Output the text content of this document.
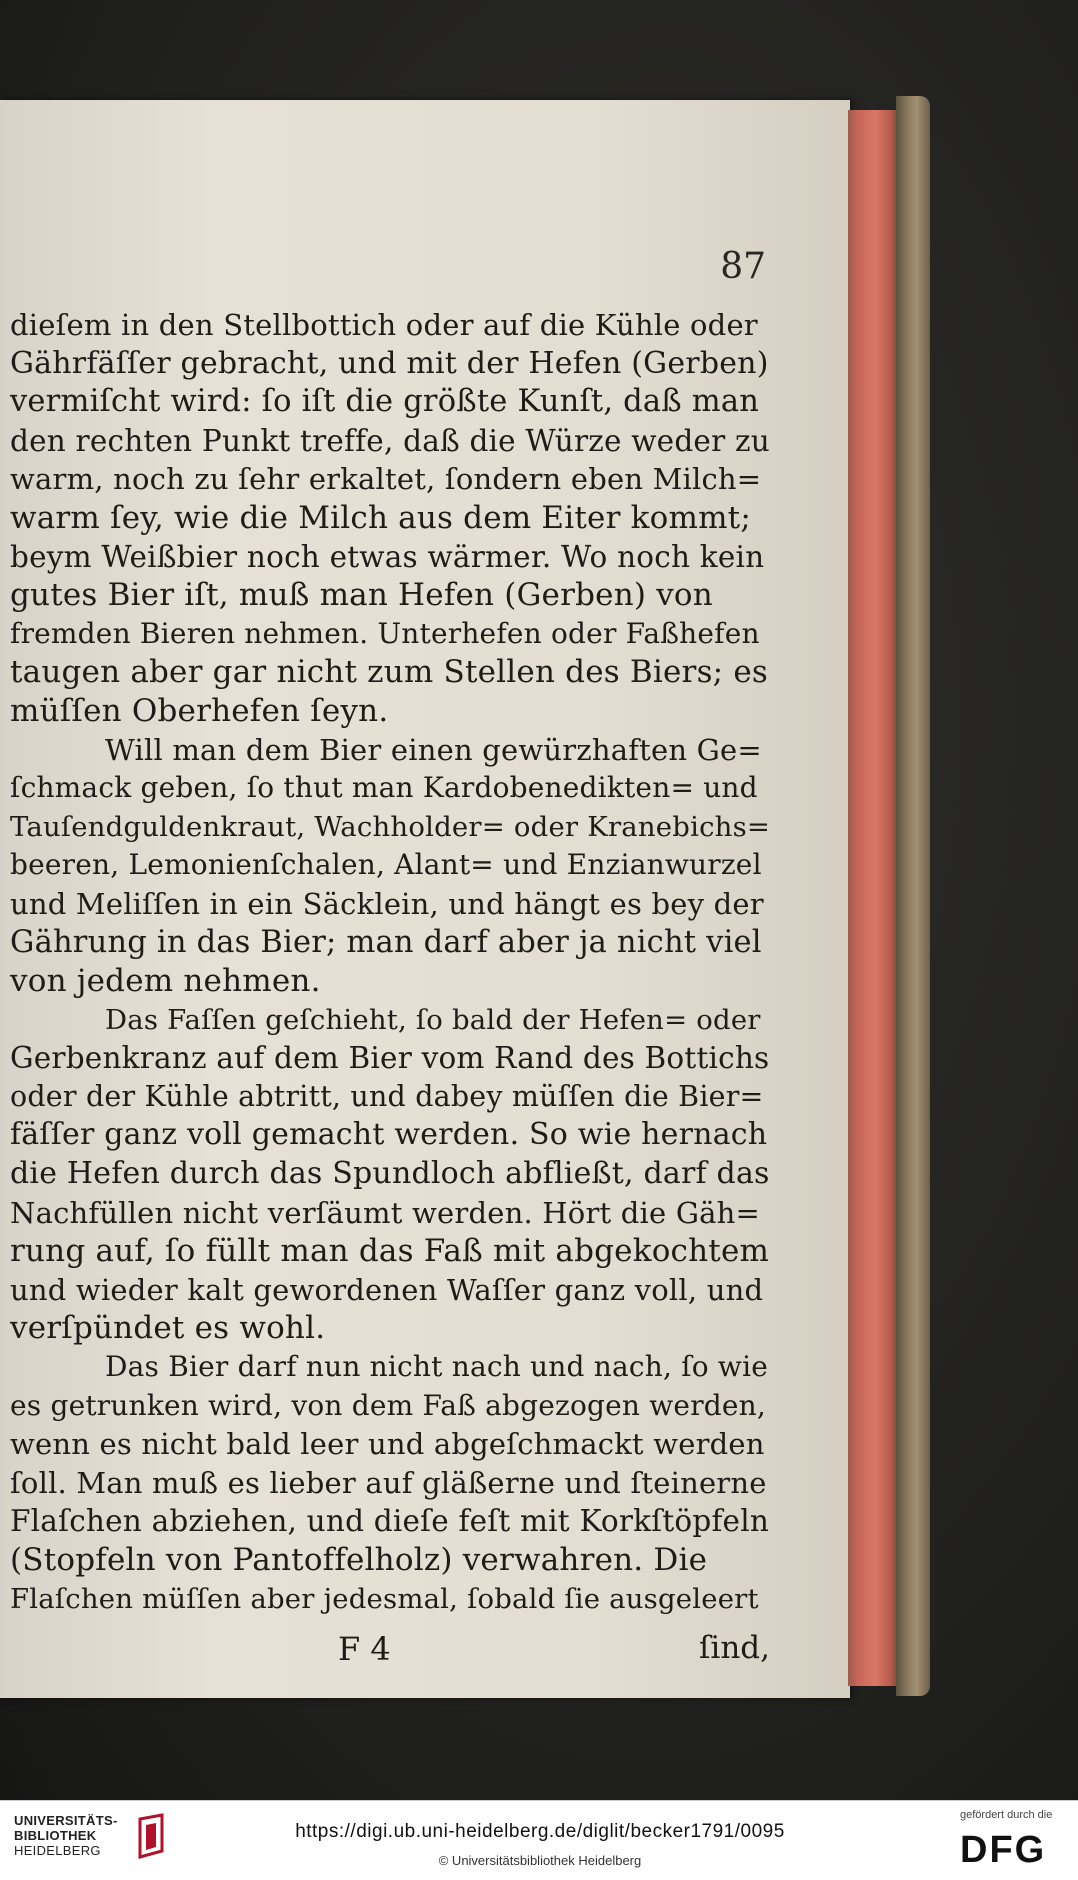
87
dieſem in den Stellbottich oder auf die Kühle oder
Gährfäſſer gebracht, und mit der Hefen (Gerben)
vermiſcht wird: ſo iſt die größte Kunſt, daß man
den rechten Punkt treffe, daß die Würze weder zu
warm, noch zu ſehr erkaltet, ſondern eben Milch=
warm ſey, wie die Milch aus dem Eiter kommt;
beym Weißbier noch etwas wärmer. Wo noch kein
gutes Bier iſt, muß man Hefen (Gerben) von
fremden Bieren nehmen. Unterhefen oder Faßhefen
taugen aber gar nicht zum Stellen des Biers; es
müſſen Oberhefen ſeyn.
Will man dem Bier einen gewürzhaften Ge=
ſchmack geben, ſo thut man Kardobenedikten= und
Tauſendguldenkraut, Wachholder= oder Kranebichs=
beeren, Lemonienſchalen, Alant= und Enzianwurzel
und Meliſſen in ein Säcklein, und hängt es bey der
Gährung in das Bier; man darf aber ja nicht viel
von jedem nehmen.
Das Faſſen geſchieht, ſo bald der Hefen= oder
Gerbenkranz auf dem Bier vom Rand des Bottichs
oder der Kühle abtritt, und dabey müſſen die Bier=
fäſſer ganz voll gemacht werden. So wie hernach
die Hefen durch das Spundloch abfließt, darf das
Nachfüllen nicht verſäumt werden. Hört die Gäh=
rung auf, ſo füllt man das Faß mit abgekochtem
und wieder kalt gewordenen Waſſer ganz voll, und
verſpündet es wohl.
Das Bier darf nun nicht nach und nach, ſo wie
es getrunken wird, von dem Faß abgezogen werden,
wenn es nicht bald leer und abgeſchmackt werden
ſoll. Man muß es lieber auf gläßerne und ſteinerne
Flaſchen abziehen, und dieſe feſt mit Korkſtöpfeln
(Stopfeln von Pantoffelholz) verwahren. Die
Flaſchen müſſen aber jedesmal, ſobald ſie ausgeleert
F 4	ſind,
UNIVERSITÄTS-
BIBLIOTHEK
HEIDELBERG
https://digi.ub.uni-heidelberg.de/diglit/becker1791/0095
© Universitätsbibliothek Heidelberg
gefördert durch die
DFG
